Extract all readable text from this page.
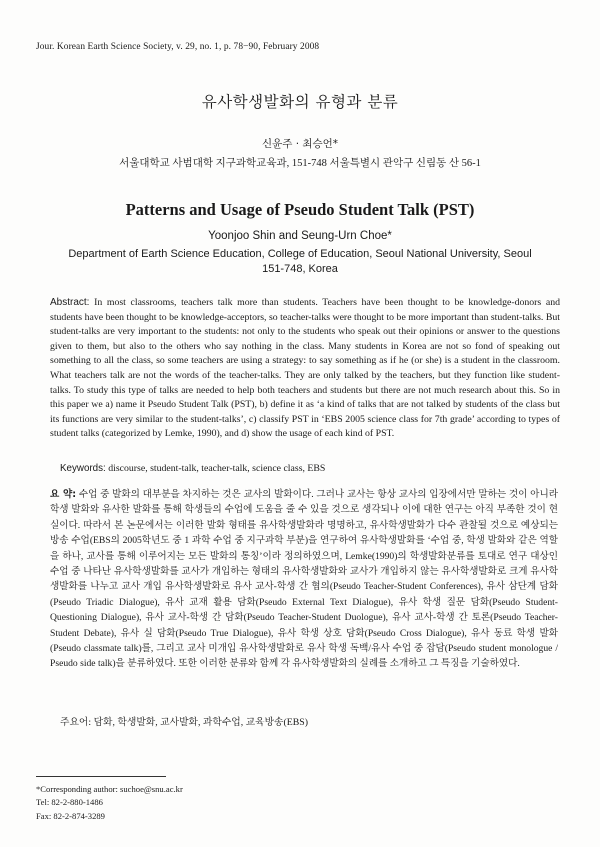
Jour. Korean Earth Science Society, v. 29, no. 1, p. 78−90, February 2008
유사학생발화의 유형과 분류
신윤주 · 최승언*
서울대학교 사범대학 지구과학교육과, 151-748 서울특별시 관악구 신림동 산 56-1
Patterns and Usage of Pseudo Student Talk (PST)
Yoonjoo Shin and Seung-Urn Choe*
Department of Earth Science Education, College of Education, Seoul National University, Seoul 151-748, Korea
Abstract: In most classrooms, teachers talk more than students. Teachers have been thought to be knowledge-donors and students have been thought to be knowledge-acceptors, so teacher-talks were thought to be more important than student-talks. But student-talks are very important to the students: not only to the students who speak out their opinions or answer to the questions given to them, but also to the others who say nothing in the class. Many students in Korea are not so fond of speaking out something to all the class, so some teachers are using a strategy: to say something as if he (or she) is a student in the classroom. What teachers talk are not the words of the teacher-talks. They are only talked by the teachers, but they function like student-talks. To study this type of talks are needed to help both teachers and students but there are not much research about this. So in this paper we a) name it Pseudo Student Talk (PST), b) define it as ‘a kind of talks that are not talked by students of the class but its functions are very similar to the student-talks’, c) classify PST in ‘EBS 2005 science class for 7th grade’ according to types of student talks (categorized by Lemke, 1990), and d) show the usage of each kind of PST.
Keywords: discourse, student-talk, teacher-talk, science class, EBS
요 약: 수업 중 발화의 대부분을 차지하는 것은 교사의 발화이다. 그러나 교사는 항상 교사의 입장에서만 말하는 것이 아니라 학생 발화와 유사한 발화를 통해 학생들의 수업에 도움을 줄 수 있을 것으로 생각되나 이에 대한 연구는 아직 부족한 것이 현실이다. 따라서 본 논문에서는 이러한 발화 형태를 유사학생발화라 명명하고, 유사학생발화가 다수 관찰될 것으로 예상되는 방송 수업(EBS의 2005학년도 중 1 과학 수업 중 지구과학 부분)을 연구하여 유사학생발화를 ‘수업 중, 학생 발화와 같은 역할을 하나, 교사를 통해 이루어지는 모든 발화의 통칭’이라 정의하였으며, Lemke(1990)의 학생발화분류를 토대로 연구 대상인 수업 중 나타난 유사학생발화를 교사가 개입하는 형태의 유사학생발화와 교사가 개입하지 않는 유사학생발화로 크게 유사학생발화를 나누고 교사 개입 유사학생발화로 유사 교사-학생 간 협의(Pseudo Teacher-Student Conferences), 유사 삼단계 담화(Pseudo Triadic Dialogue), 유사 교재 활용 담화(Pseudo External Text Dialogue), 유사 학생 질문 담화(Pseudo Student-Questioning Dialogue), 유사 교사-학생 간 담화(Pseudo Teacher-Student Duologue), 유사 교사-학생 간 토론(Pseudo Teacher-Student Debate), 유사 실 담화(Pseudo True Dialogue), 유사 학생 상호 담화(Pseudo Cross Dialogue), 유사 동료 학생 발화 (Pseudo classmate talk)를, 그리고 교사 미개입 유사학생발화로 유사 학생 독백/유사 수업 중 잡담(Pseudo student monologue / Pseudo side talk)을 분류하였다. 또한 이러한 분류와 함께 각 유사학생발화의 실례를 소개하고 그 특징을 기술하였다.
주요어: 담화, 학생발화, 교사발화, 과학수업, 교육방송(EBS)
*Corresponding author: suchoe@snu.ac.kr
Tel: 82-2-880-1486
Fax: 82-2-874-3289
